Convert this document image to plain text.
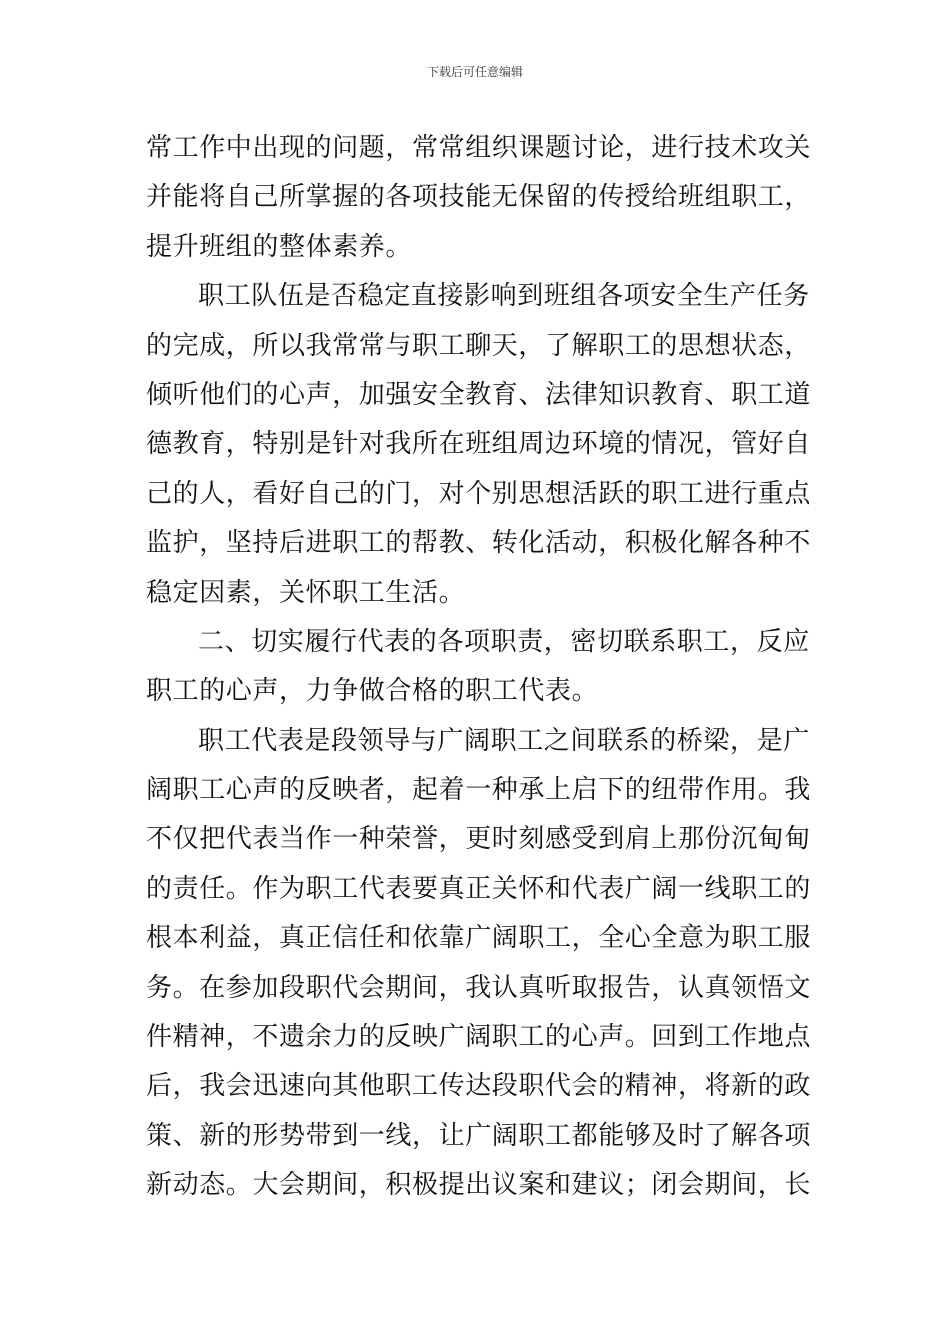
下载后可任意编辑
常工作中出现的问题，常常组织课题讨论，进行技术攻关
并能将自己所掌握的各项技能无保留的传授给班组职工，
提升班组的整体素养。
职工队伍是否稳定直接影响到班组各项安全生产任务
的完成，所以我常常与职工聊天，了解职工的思想状态，
倾听他们的心声，加强安全教育、法律知识教育、职工道
德教育，特别是针对我所在班组周边环境的情况，管好自
己的人，看好自己的门，对个别思想活跃的职工进行重点
监护，坚持后进职工的帮教、转化活动，积极化解各种不
稳定因素，关怀职工生活。
二、切实履行代表的各项职责，密切联系职工，反应
职工的心声，力争做合格的职工代表。
职工代表是段领导与广阔职工之间联系的桥梁，是广
阔职工心声的反映者，起着一种承上启下的纽带作用。我
不仅把代表当作一种荣誉，更时刻感受到肩上那份沉甸甸
的责任。作为职工代表要真正关怀和代表广阔一线职工的
根本利益，真正信任和依靠广阔职工，全心全意为职工服
务。在参加段职代会期间，我认真听取报告，认真领悟文
件精神，不遗余力的反映广阔职工的心声。回到工作地点
后，我会迅速向其他职工传达段职代会的精神，将新的政
策、新的形势带到一线，让广阔职工都能够及时了解各项
新动态。大会期间，积极提出议案和建议；闭会期间，长
